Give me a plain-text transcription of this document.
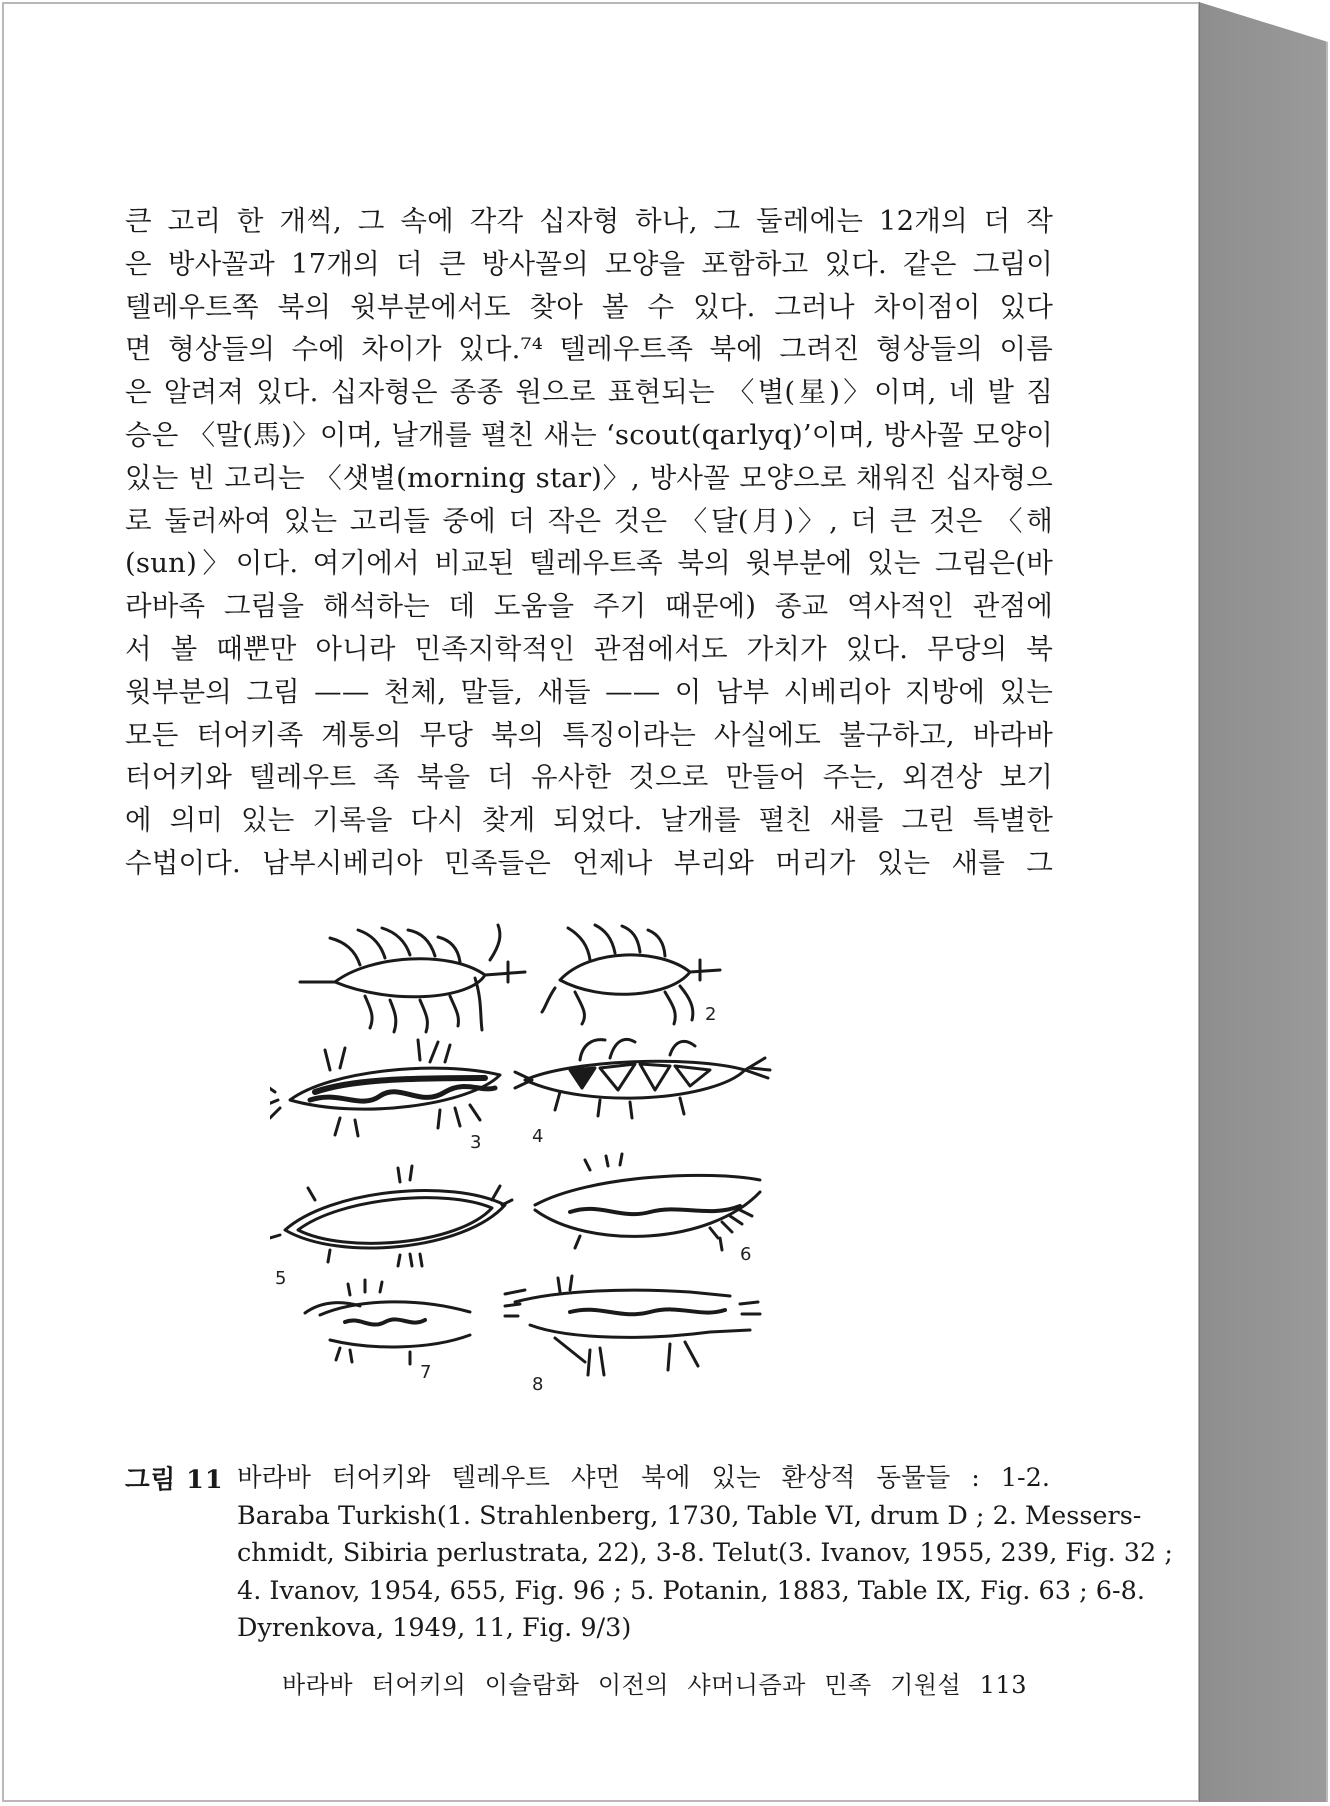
큰 고리 한 개씩, 그 속에 각각 십자형 하나, 그 둘레에는 12개의 더 작
은 방사꼴과 17개의 더 큰 방사꼴의 모양을 포함하고 있다. 같은 그림이
텔레우트쪽 북의 윗부분에서도 찾아 볼 수 있다. 그러나 차이점이 있다
면 형상들의 수에 차이가 있다.⁷⁴ 텔레우트족 북에 그려진 형상들의 이름
은 알려져 있다. 십자형은 종종 원으로 표현되는 〈별(星)〉이며, 네 발 짐
승은 〈말(馬)〉이며, 날개를 펼친 새는 ‘scout(qarlyq)’이며, 방사꼴 모양이
있는 빈 고리는 〈샛별(morning star)〉, 방사꼴 모양으로 채워진 십자형으
로 둘러싸여 있는 고리들 중에 더 작은 것은 〈달(月)〉, 더 큰 것은 〈해
(sun)〉이다. 여기에서 비교된 텔레우트족 북의 윗부분에 있는 그림은(바
라바족 그림을 해석하는 데 도움을 주기 때문에) 종교 역사적인 관점에
서 볼 때뿐만 아니라 민족지학적인 관점에서도 가치가 있다. 무당의 북
윗부분의 그림 —— 천체, 말들, 새들 —— 이 남부 시베리아 지방에 있는
모든 터어키족 계통의 무당 북의 특징이라는 사실에도 불구하고, 바라바
터어키와 텔레우트 족 북을 더 유사한 것으로 만들어 주는, 외견상 보기
에 의미 있는 기록을 다시 찾게 되었다. 날개를 펼친 새를 그린 특별한
수법이다. 남부시베리아 민족들은 언제나 부리와 머리가 있는 새를 그
2
3	4
5
6
7
8
그림 11 바라바 터어키와 텔레우트 샤먼 북에 있는 환상적 동물들 : 1-2.
Baraba Turkish(1. Strahlenberg, 1730, Table VI, drum D ; 2. Messers-
chmidt, Sibiria perlustrata, 22), 3-8. Telut(3. Ivanov, 1955, 239, Fig. 32 ;
4. Ivanov, 1954, 655, Fig. 96 ; 5. Potanin, 1883, Table IX, Fig. 63 ; 6-8.
Dyrenkova, 1949, 11, Fig. 9/3)
바라바 터어키의 이슬람화 이전의 샤머니즘과 민족 기원설 113
